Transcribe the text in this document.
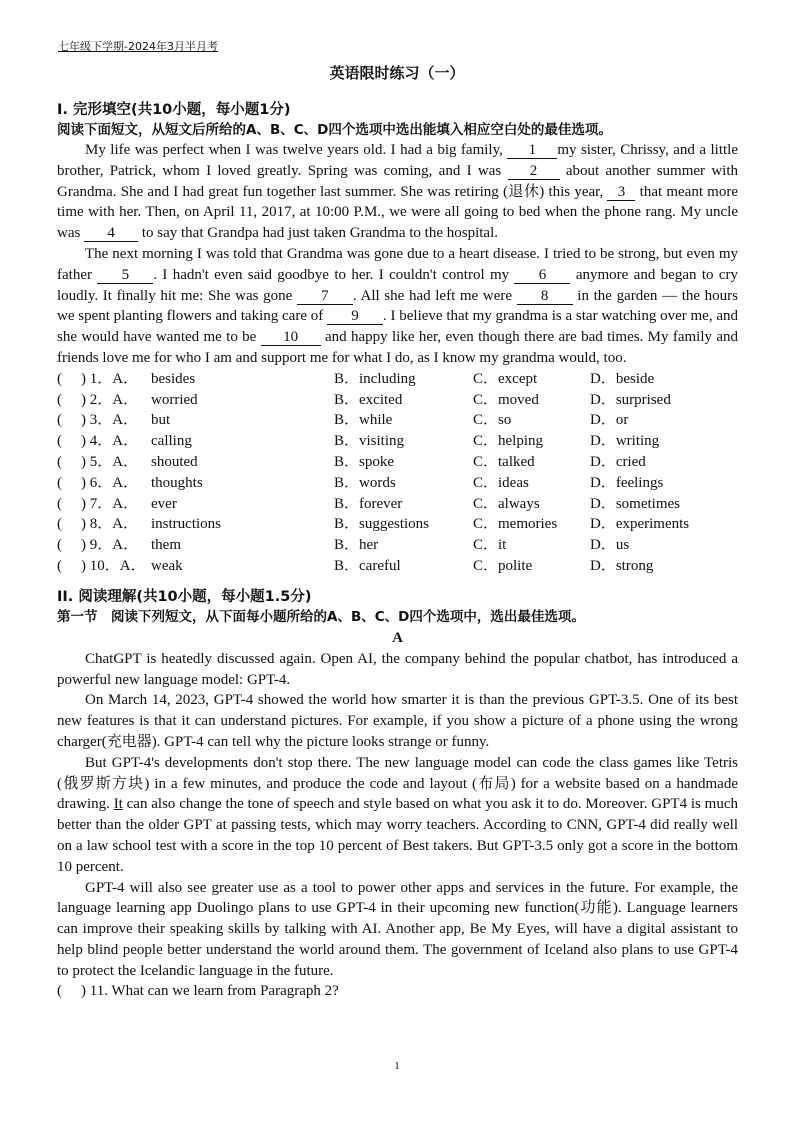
七年级下学期-2024年3月半月考
英语限时练习（一）

I. 完形填空(共10小题，每小题1分)

阅读下面短文，从短文后所给的A、B、C、D四个选项中选出能填入相应空白处的最佳选项。

My life was perfect when I was twelve years old. I had a big family, 1 my sister, Chrissy, and a little brother, Patrick, whom I loved greatly. Spring was coming, and I was 2 about another summer with Grandma. She and I had great fun together last summer. She was retiring (退休) this year, 3 that meant more time with her. Then, on April 11, 2017, at 10:00 P.M., we were all going to bed when the phone rang. My uncle was 4 to say that Grandpa had just taken Grandma to the hospital.

The next morning I was told that Grandma was gone due to a heart disease. I tried to be strong, but even my father 5 . I hadn't even said goodbye to her. I couldn't control my 6 anymore and began to cry loudly. It finally hit me: She was gone 7 . All she had left me were 8 in the garden — the hours we spent planting flowers and taking care of 9 . I believe that my grandma is a star watching over me, and she would have wanted me to be 10 and happy like her, even though there are bad times. My family and friends love me for who I am and support me for what I do, as I know my grandma would, too.

(	) 1．A． besides	B．including	C．except	D．beside
(	) 2．A． worried	B．excited	C．moved	D．surprised
(	) 3．A． but	B．while	C．so	D．or
(	) 4．A． calling	B．visiting	C．helping	D．writing
(	) 5．A． shouted	B．spoke	C．talked	D．cried
(	) 6．A． thoughts	B．words	C．ideas	D．feelings
(	) 7．A． ever	B．forever	C．always	D．sometimes
(	) 8．A． instructions	B．suggestions	C．memories	D．experiments
(	) 9．A． them	B．her	C．it	D．us
(	) 10．A． weak	B．careful	C．polite	D．strong

II. 阅读理解(共10小题，每小题1.5分)

第一节　阅读下列短文，从下面每小题所给的A、B、C、D四个选项中，选出最佳选项。

A

ChatGPT is heatedly discussed again. Open AI, the company behind the popular chatbot, has introduced a powerful new language model: GPT-4.

On March 14, 2023, GPT-4 showed the world how smarter it is than the previous GPT-3.5. One of its best new features is that it can understand pictures. For example, if you show a picture of a phone using the wrong charger(充电器). GPT-4 can tell why the picture looks strange or funny.

But GPT-4's developments don't stop there. The new language model can code the class games like Tetris (俄罗斯方块) in a few minutes, and produce the code and layout (布局) for a website based on a handmade drawing. It can also change the tone of speech and style based on what you ask it to do. Moreover. GPT4 is much better than the older GPT at passing tests, which may worry teachers. According to CNN, GPT-4 did really well on a law school test with a score in the top 10 percent of Best takers. But GPT-3.5 only got a score in the bottom 10 percent.

GPT-4 will also see greater use as a tool to power other apps and services in the future. For example, the language learning app Duolingo plans to use GPT-4 in their upcoming new function(功能). Language learners can improve their speaking skills by talking with AI. Another app, Be My Eyes, will have a digital assistant to help blind people better understand the world around them. The government of Iceland also plans to use GPT-4 to protect the Icelandic language in the future.

(	) 11. What can we learn from Paragraph 2?
1
